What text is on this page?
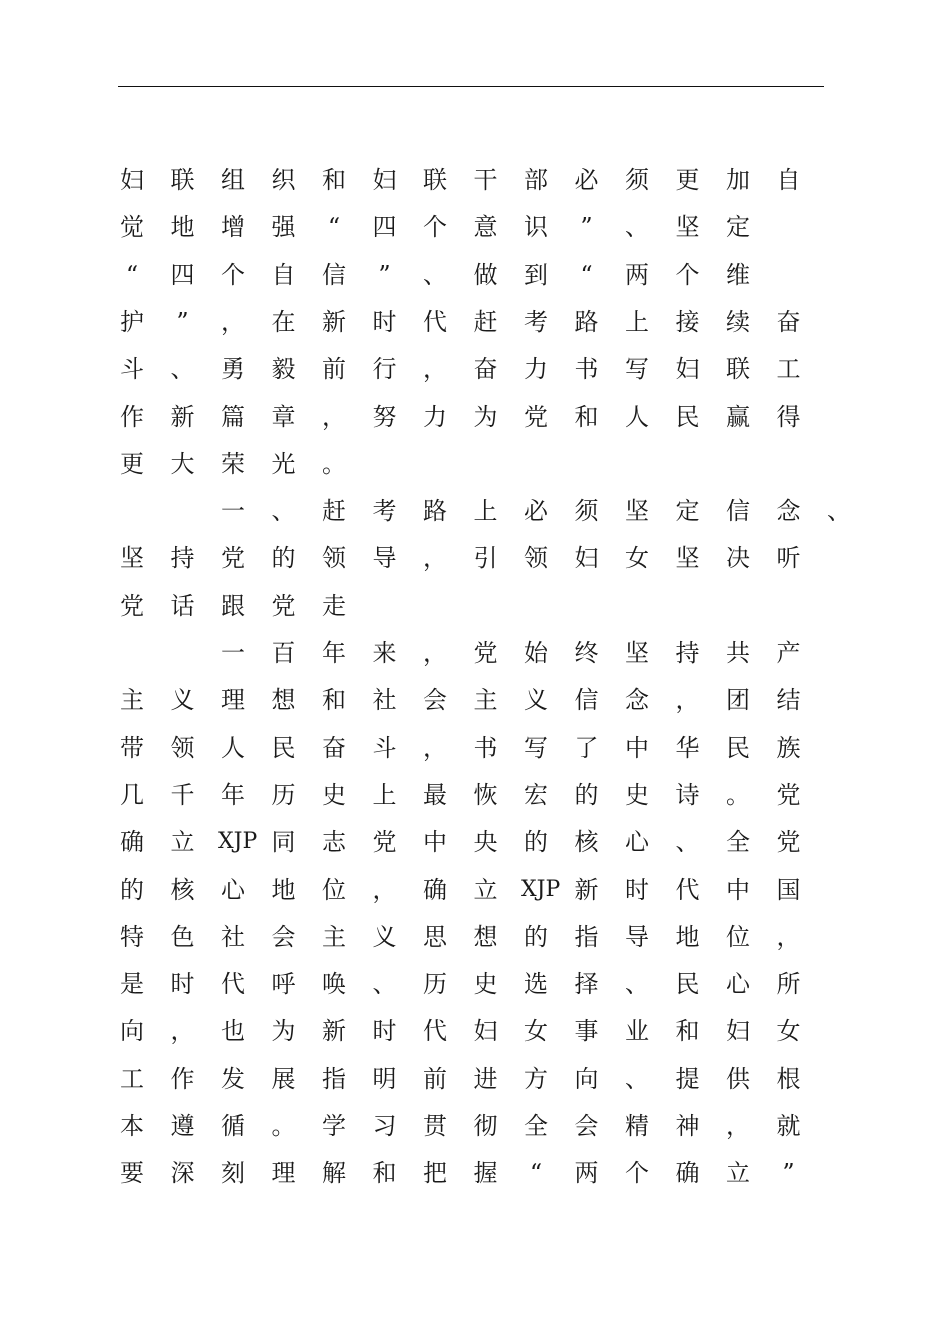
妇 联 组 织 和 妇 联 干 部 必 须 更 加 自
觉 地 增 强	“	四 个 意 识	”	、 坚 定
“	四 个 自 信	”	、 做 到	“	两 个 维
护	”	， 在 新 时 代 赶 考 路 上 接 续 奋
斗 、 勇 毅 前 行 ， 奋 力 书 写 妇 联 工
作 新 篇 章 ， 努 力 为 党 和 人 民 赢 得
更 大 荣 光 。
一 、 赶 考 路 上 必 须 坚 定 信 念 、
坚 持 党 的 领 导 ， 引 领 妇 女 坚 决 听
党 话 跟 党 走
一 百 年 来 ， 党 始 终 坚 持 共 产
主 义 理 想 和 社 会 主 义 信 念 ， 团 结
带 领 人 民 奋 斗 ， 书 写 了 中 华 民 族
几 千 年 历 史 上 最 恢 宏 的 史 诗 。 党
确 立 XJP 同 志 党 中 央 的 核 心 、 全 党
的 核 心 地 位 ， 确 立 XJP 新 时 代 中 国
特 色 社 会 主 义 思 想 的 指 导 地 位 ，
是 时 代 呼 唤 、 历 史 选 择 、 民 心 所
向 ， 也 为 新 时 代 妇 女 事 业 和 妇 女
工 作 发 展 指 明 前 进 方 向 、 提 供 根
本 遵 循 。 学 习 贯 彻 全 会 精 神 ， 就
要 深 刻 理 解 和 把 握	“	两 个 确 立	”
